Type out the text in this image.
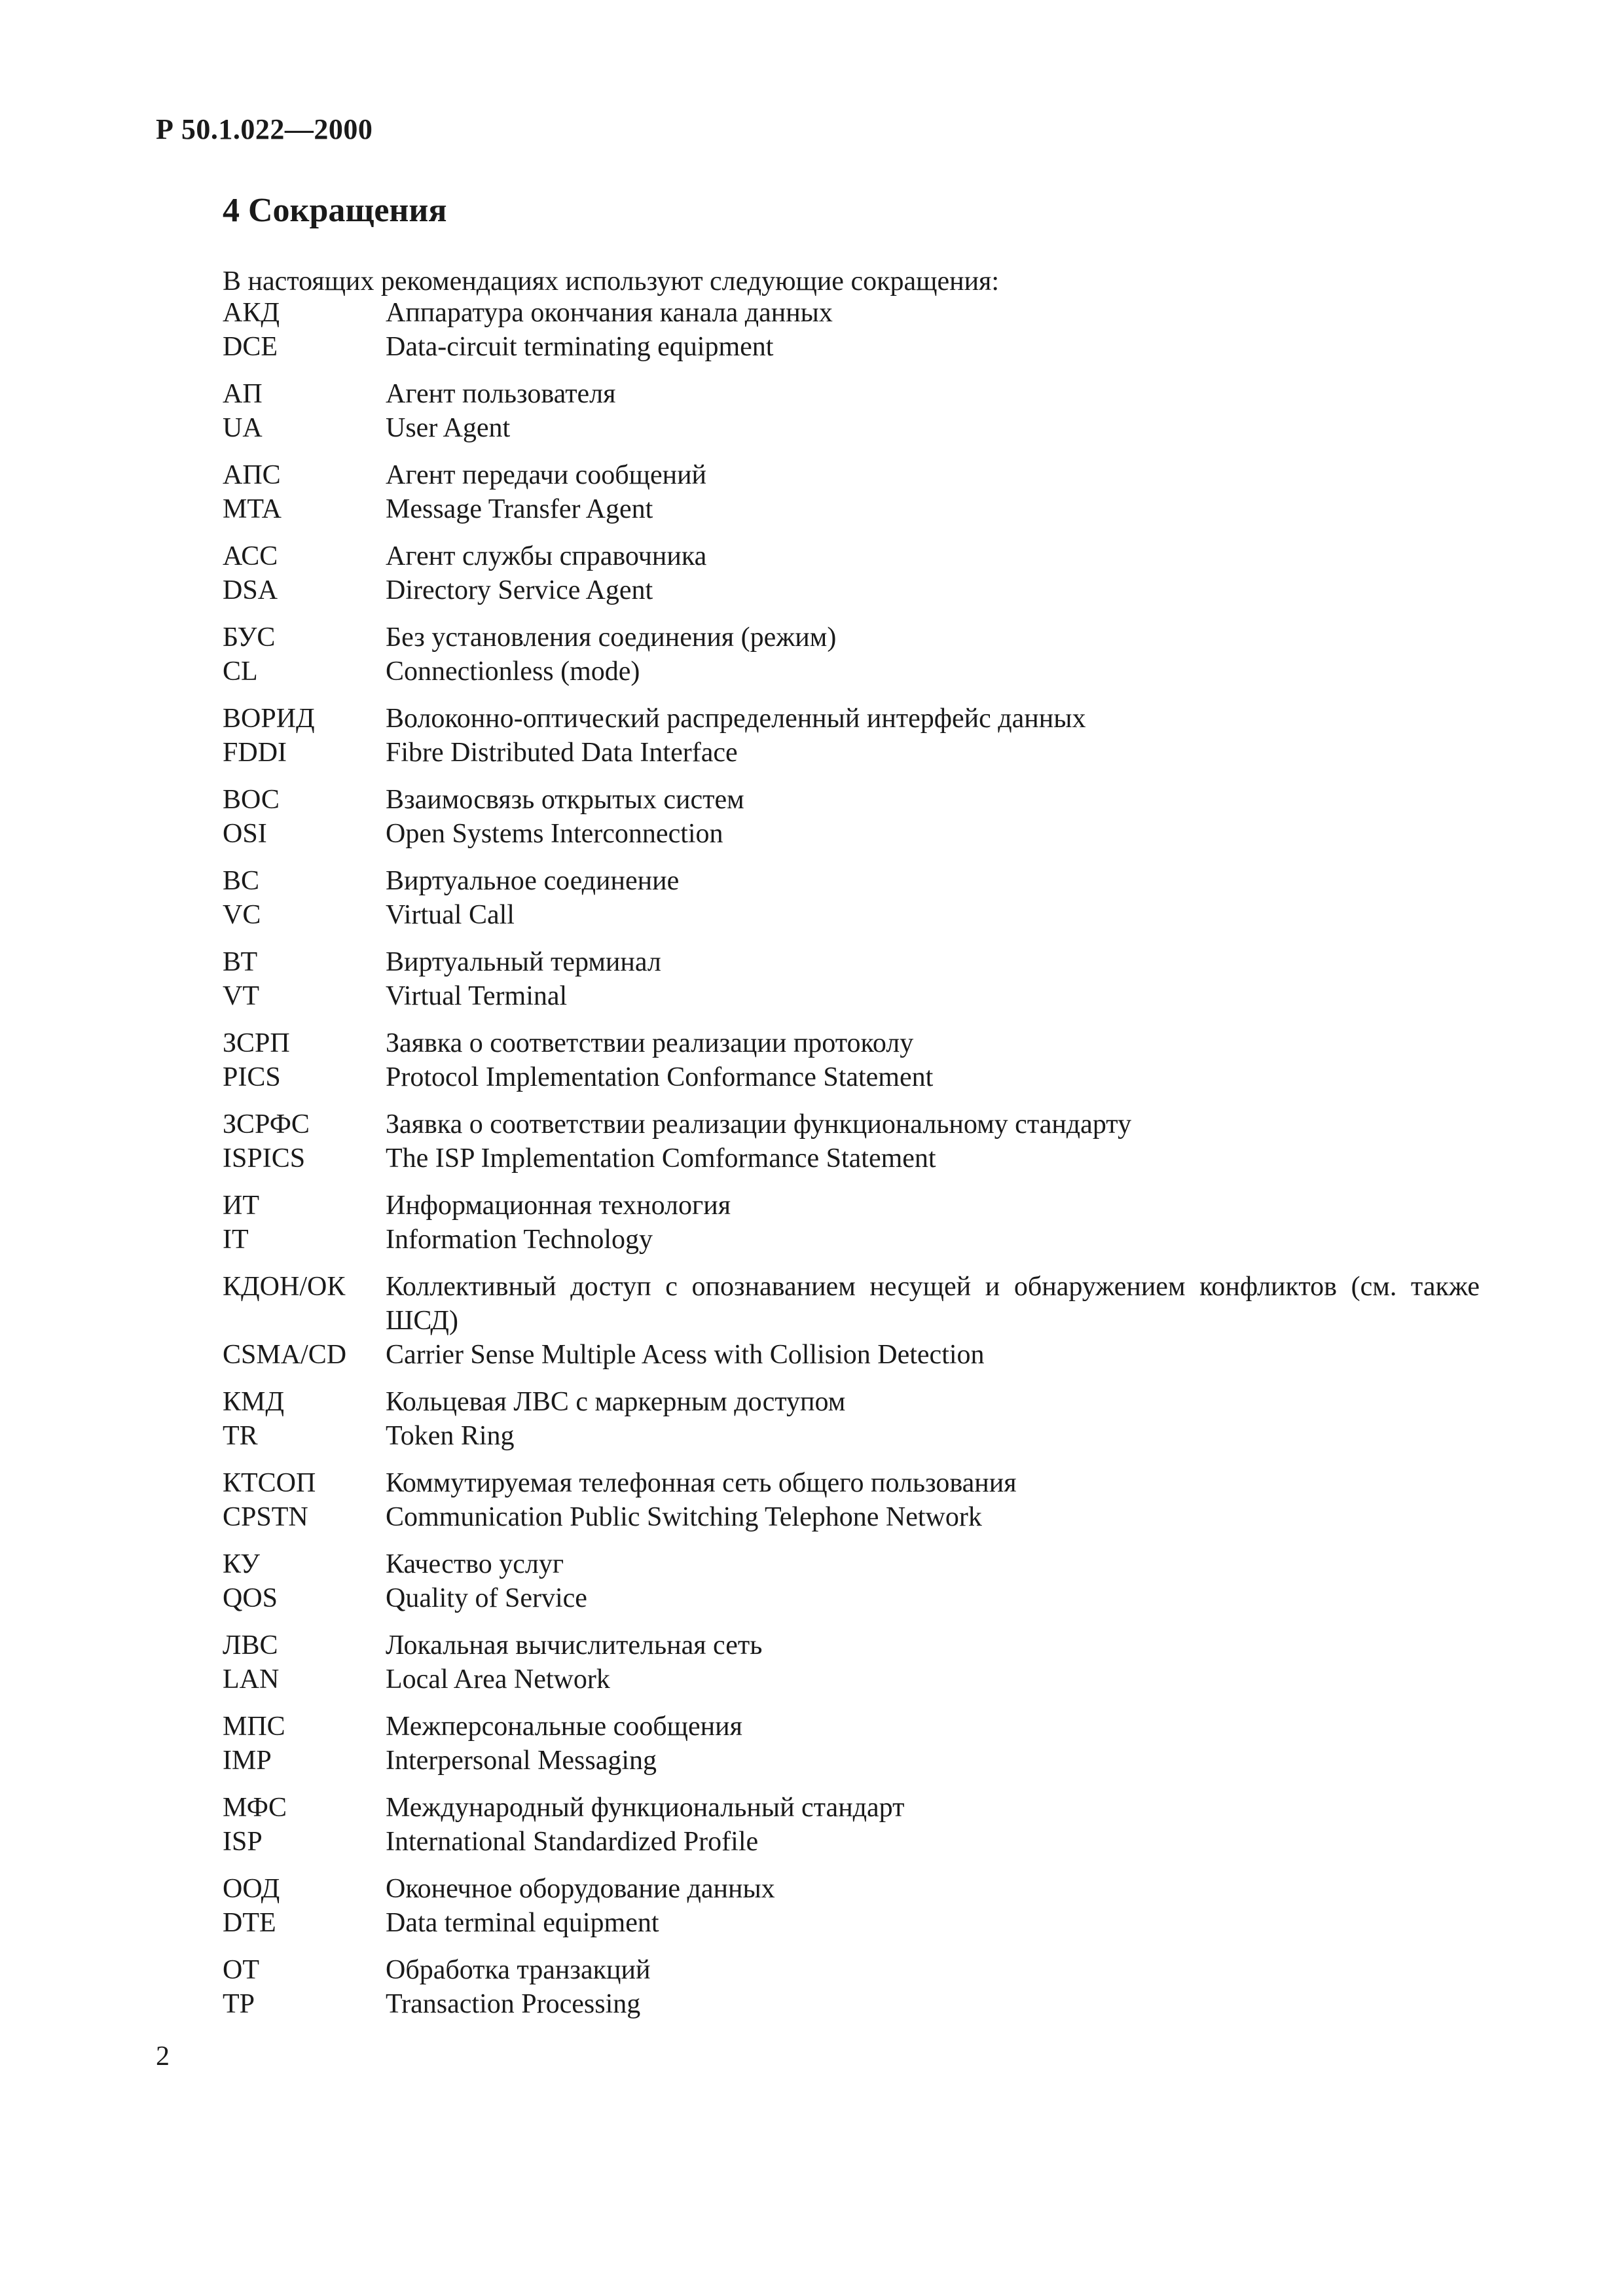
Р 50.1.022—2000
4 Сокращения
В настоящих рекомендациях используют следующие сокращения:
АКД	Аппаратура окончания канала данных
DCE	Data-circuit terminating equipment
АП	Агент пользователя
UA	User Agent
АПС	Агент передачи сообщений
MTA	Message Transfer Agent
АСС	Агент службы справочника
DSA	Directory Service Agent
БУС	Без установления соединения (режим)
CL	Connectionless (mode)
ВОРИД	Волоконно-оптический распределенный интерфейс данных
FDDI	Fibre Distributed Data Interface
ВОС	Взаимосвязь открытых систем
OSI	Open Systems Interconnection
ВС	Виртуальное соединение
VC	Virtual Call
ВТ	Виртуальный терминал
VT	Virtual Terminal
ЗСРП	Заявка о соответствии реализации протоколу
PICS	Protocol Implementation Conformance Statement
ЗСРФС	Заявка о соответствии реализации функциональному стандарту
ISPICS	The ISP Implementation Comformance Statement
ИТ	Информационная технология
IT	Information Technology
КДОН/ОК	Коллективный доступ с опознаванием несущей и обнаружением конфликтов (см. также ШСД)
CSMA/CD	Carrier Sense Multiple Acess with Collision Detection
КМД	Кольцевая ЛВС с маркерным доступом
TR	Token Ring
КТСОП	Коммутируемая телефонная сеть общего пользования
CPSTN	Communication Public Switching Telephone Network
КУ	Качество услуг
QOS	Quality of Service
ЛВС	Локальная вычислительная сеть
LAN	Local Area Network
МПС	Межперсональные сообщения
IMP	Interpersonal Messaging
МФС	Международный функциональный стандарт
ISP	International Standardized Profile
ООД	Оконечное оборудование данных
DTE	Data terminal equipment
ОТ	Обработка транзакций
TP	Transaction Processing
2
